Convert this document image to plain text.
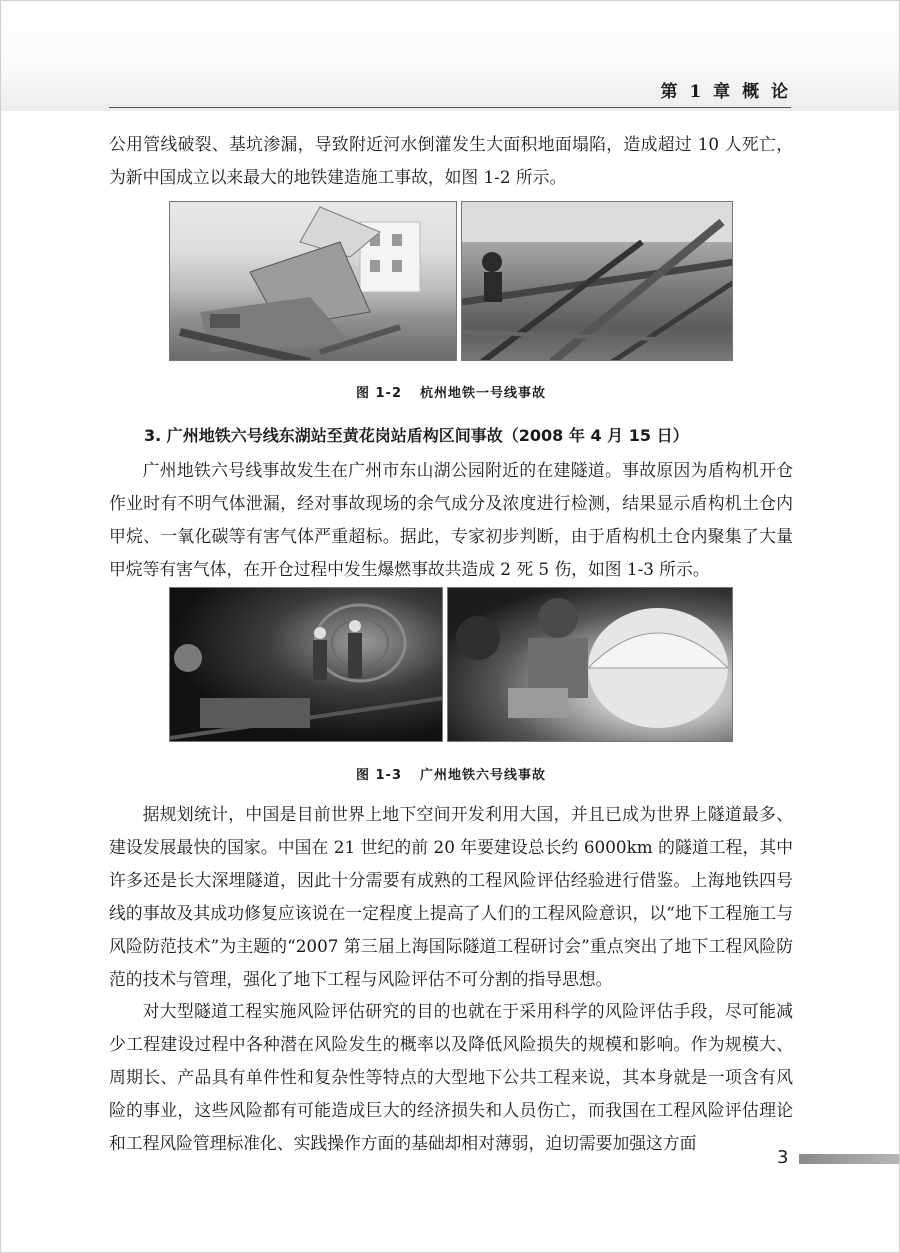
第 1 章 概 论

公用管线破裂、基坑渗漏，导致附近河水倒灌发生大面积地面塌陷，造成超过 10 人死亡，为新中国成立以来最大的地铁建造施工事故，如图 1-2 所示。

图 1-2 杭州地铁一号线事故
3. 广州地铁六号线东湖站至黄花岗站盾构区间事故（2008 年 4 月 15 日）

广州地铁六号线事故发生在广州市东山湖公园附近的在建隧道。事故原因为盾构机开仓作业时有不明气体泄漏，经对事故现场的余气成分及浓度进行检测，结果显示盾构机土仓内甲烷、一氧化碳等有害气体严重超标。据此，专家初步判断，由于盾构机土仓内聚集了大量甲烷等有害气体，在开仓过程中发生爆燃事故共造成 2 死 5 伤，如图 1-3 所示。

图 1-3 广州地铁六号线事故

据规划统计，中国是目前世界上地下空间开发利用大国，并且已成为世界上隧道最多、建设发展最快的国家。中国在 21 世纪的前 20 年要建设总长约 6000km 的隧道工程，其中许多还是长大深埋隧道，因此十分需要有成熟的工程风险评估经验进行借鉴。上海地铁四号线的事故及其成功修复应该说在一定程度上提高了人们的工程风险意识，以“地下工程施工与风险防范技术”为主题的“2007 第三届上海国际隧道工程研讨会”重点突出了地下工程风险防范的技术与管理，强化了地下工程与风险评估不可分割的指导思想。

对大型隧道工程实施风险评估研究的目的也就在于采用科学的风险评估手段，尽可能减少工程建设过程中各种潜在风险发生的概率以及降低风险损失的规模和影响。作为规模大、周期长、产品具有单件性和复杂性等特点的大型地下公共工程来说，其本身就是一项含有风险的事业，这些风险都有可能造成巨大的经济损失和人员伤亡，而我国在工程风险评估理论和工程风险管理标准化、实践操作方面的基础却相对薄弱，迫切需要加强这方面

3
